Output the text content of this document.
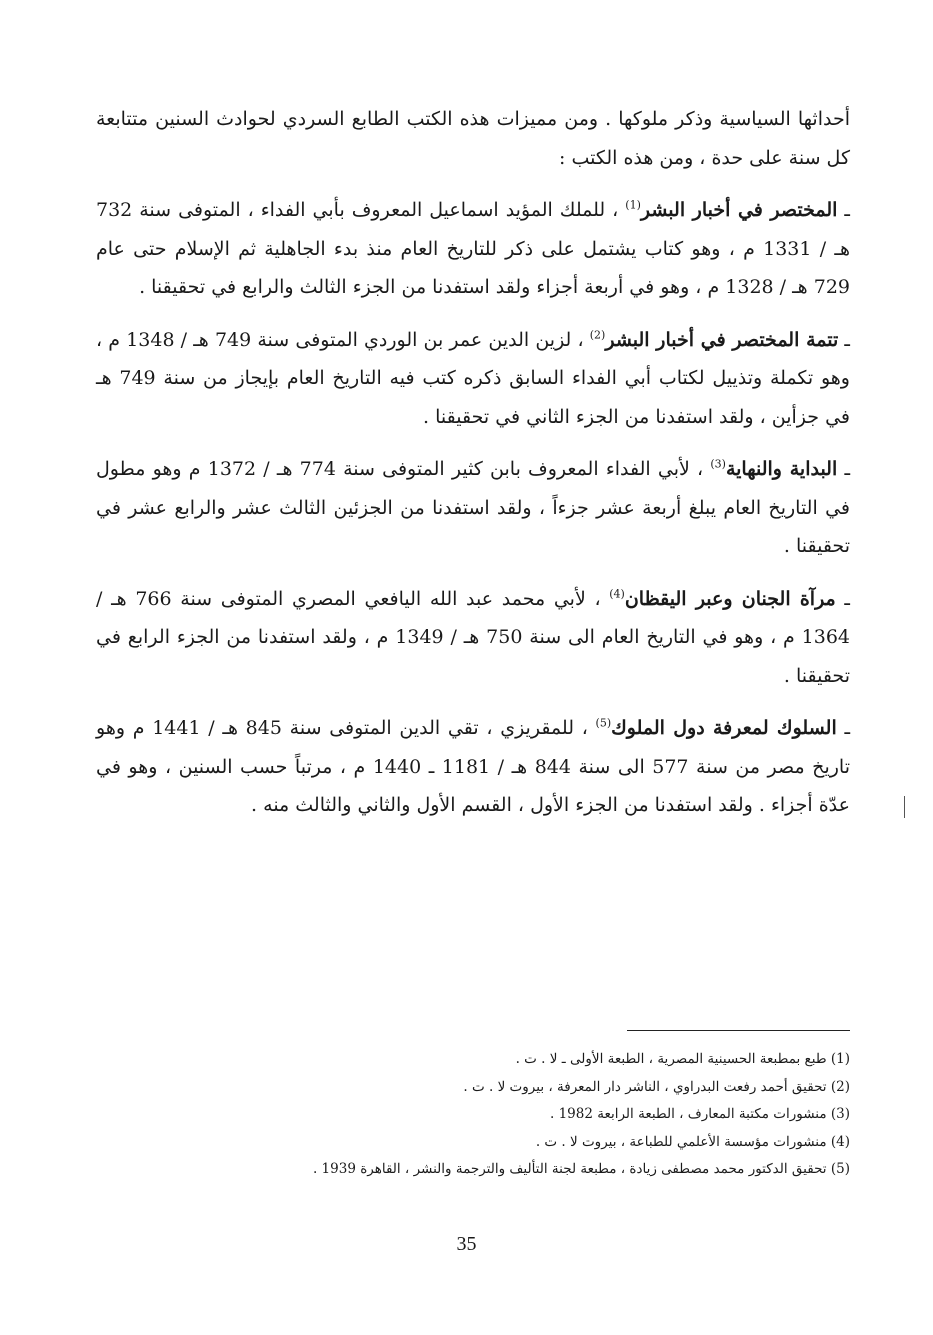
أحداثها السياسية وذكر ملوكها . ومن مميزات هذه الكتب الطابع السردي لحوادث السنين متتابعة كل سنة على حدة ، ومن هذه الكتب :

ـ المختصر في أخبار البشر$^{(1)}$ ، للملك المؤيد اسماعيل المعروف بأبي الفداء ، المتوفى سنة 732 هـ / 1331 م ، وهو كتاب يشتمل على ذكر للتاريخ العام منذ بدء الجاهلية ثم الإسلام حتى عام 729 هـ / 1328 م ، وهو في أربعة أجزاء ولقد استفدنا من الجزء الثالث والرابع في تحقيقنا .

ـ تتمة المختصر في أخبار البشر$^{(2)}$ ، لزين الدين عمر بن الوردي المتوفى سنة 749 هـ / 1348 م ، وهو تكملة وتذييل لكتاب أبي الفداء السابق ذكره كتب فيه التاريخ العام بإيجاز من سنة 749 هـ في جزأين ، ولقد استفدنا من الجزء الثاني في تحقيقنا .

ـ البداية والنهاية$^{(3)}$ ، لأبي الفداء المعروف بابن كثير المتوفى سنة 774 هـ / 1372 م وهو مطول في التاريخ العام يبلغ أربعة عشر جزءاً ، ولقد استفدنا من الجزئين الثالث عشر والرابع عشر في تحقيقنا .

ـ مرآة الجنان وعبر اليقظان$^{(4)}$ ، لأبي محمد عبد الله اليافعي المصري المتوفى سنة 766 هـ / 1364 م ، وهو في التاريخ العام الى سنة 750 هـ / 1349 م ، ولقد استفدنا من الجزء الرابع في تحقيقنا .

ـ السلوك لمعرفة دول الملوك$^{(5)}$ ، للمقريزي ، تقي الدين المتوفى سنة 845 هـ / 1441 م وهو تاريخ مصر من سنة 577 الى سنة 844 هـ / 1181 ـ 1440 م ، مرتباً حسب السنين ، وهو في عدّة أجزاء . ولقد استفدنا من الجزء الأول ، القسم الأول والثاني والثالث منه .

(1) طبع بمطبعة الحسينية المصرية ، الطبعة الأولى ـ لا . ت .

(2) تحقيق أحمد رفعت البدراوي ، الناشر دار المعرفة ، بيروت لا . ت .

(3) منشورات مكتبة المعارف ، الطبعة الرابعة 1982 .

(4) منشورات مؤسسة الأعلمي للطباعة ، بيروت لا . ت .

(5) تحقيق الدكتور محمد مصطفى زيادة ، مطبعة لجنة التأليف والترجمة والنشر ، القاهرة 1939 .

35
